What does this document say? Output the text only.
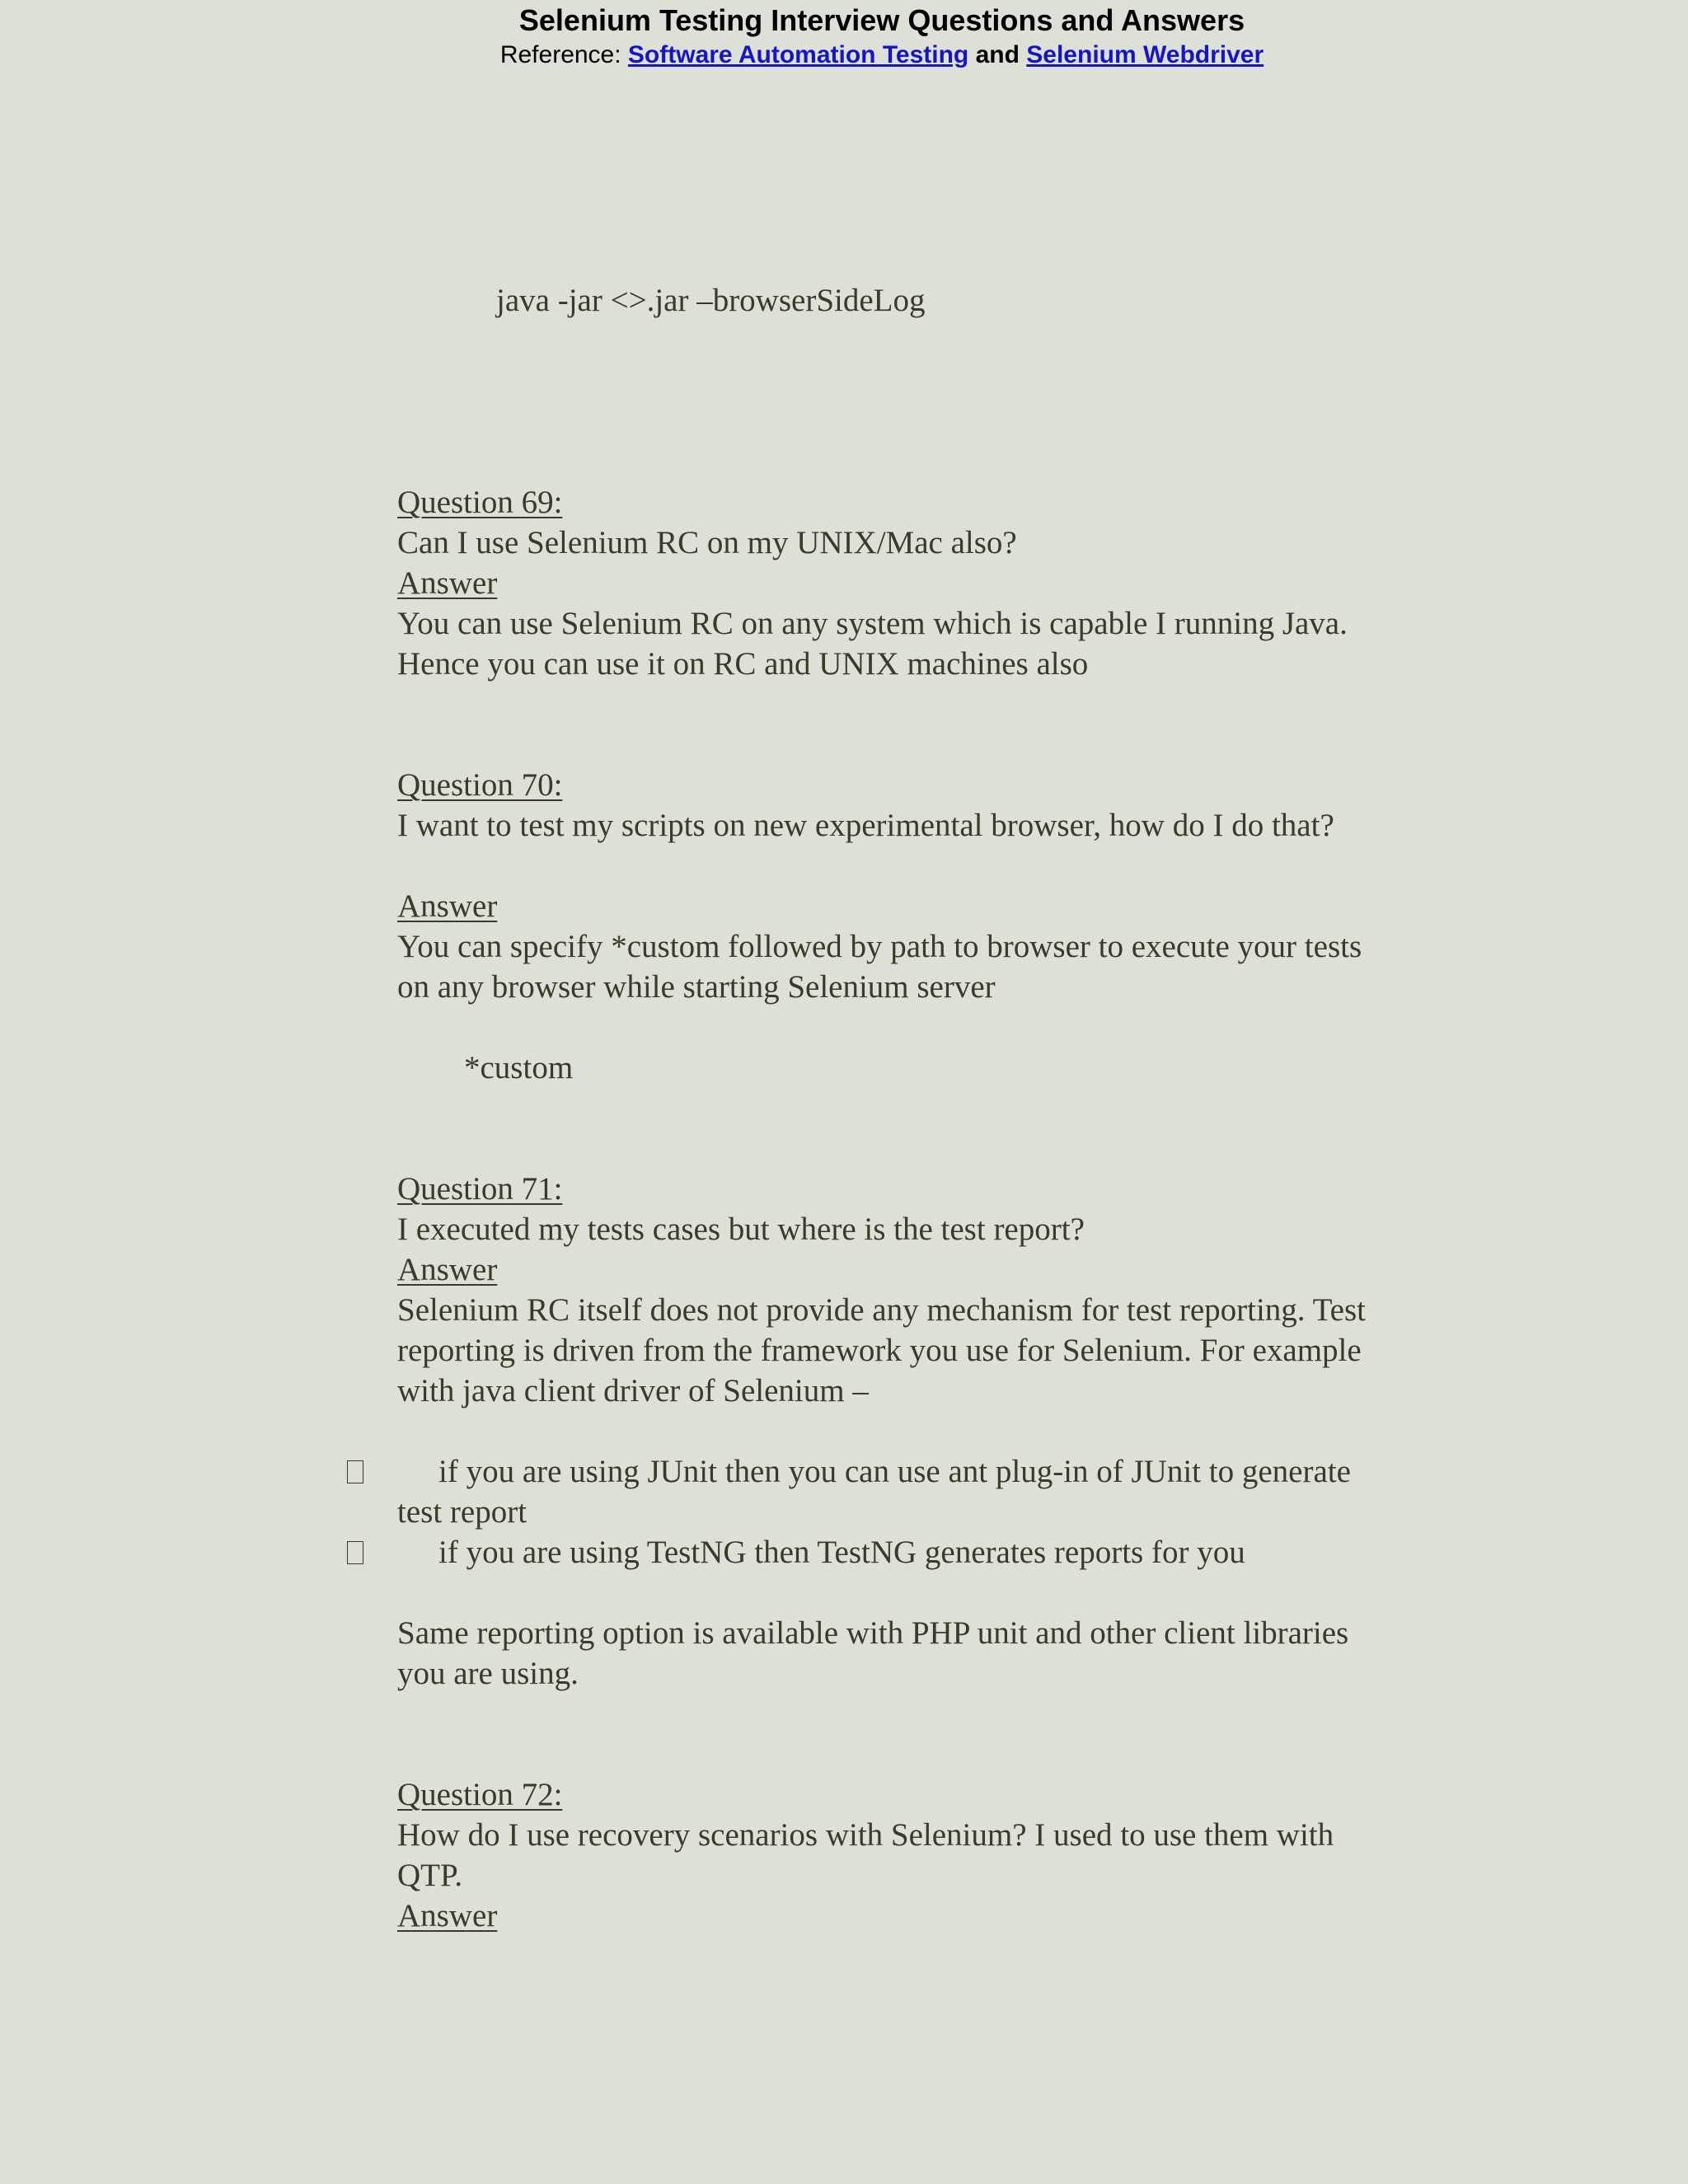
Selenium Testing Interview Questions and Answers
Reference: Software Automation Testing and Selenium Webdriver
java -jar <>.jar –browserSideLog
Question 69:
Can I use Selenium RC on my UNIX/Mac also?
Answer
You can use Selenium RC on any system which is capable I running Java.
Hence you can use it on RC and UNIX machines also
Question 70:
I want to test my scripts on new experimental browser, how do I do that?
Answer
You can specify *custom followed by path to browser to execute your tests
on any browser while starting Selenium server
*custom
Question 71:
I executed my tests cases but where is the test report?
Answer
Selenium RC itself does not provide any mechanism for test reporting. Test
reporting is driven from the framework you use for Selenium. For example
with java client driver of Selenium –
if you are using JUnit then you can use ant plug-in of JUnit to generate
test report
if you are using TestNG then TestNG generates reports for you
Same reporting option is available with PHP unit and other client libraries
you are using.
Question 72:
How do I use recovery scenarios with Selenium? I used to use them with
QTP.
Answer
